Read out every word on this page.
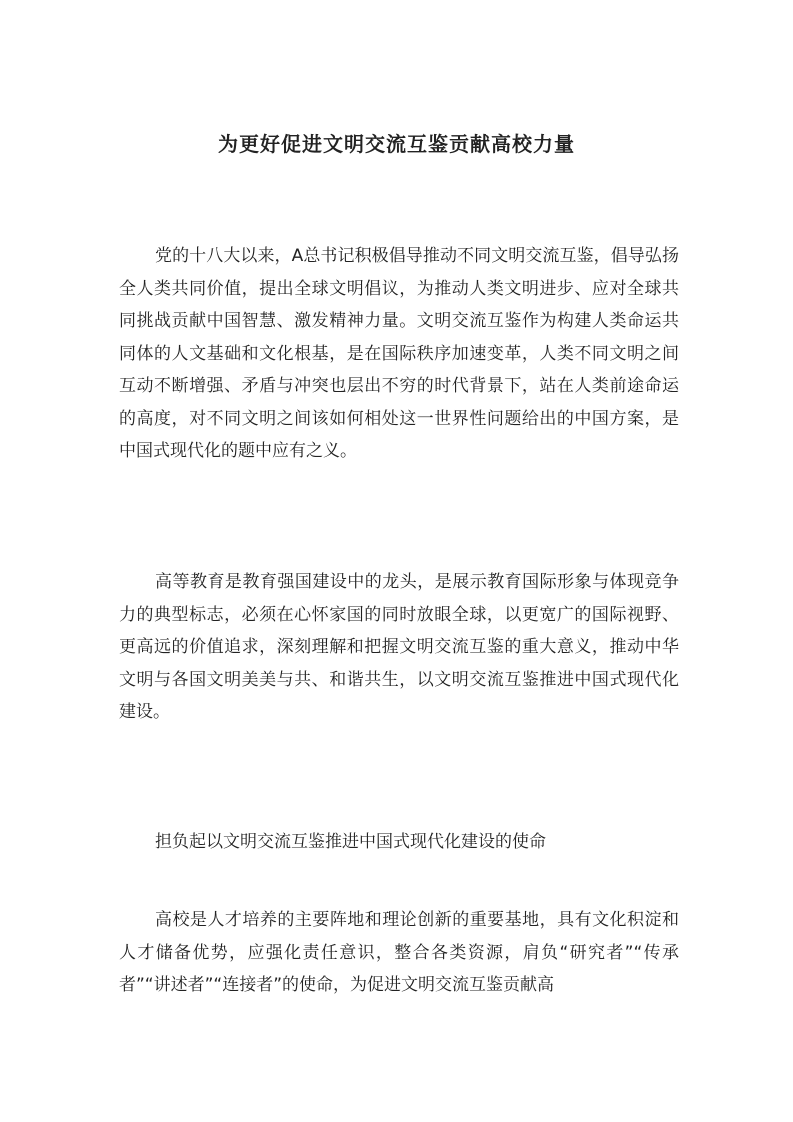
为更好促进文明交流互鉴贡献高校力量

党的十八大以来，A总书记积极倡导推动不同文明交流互鉴，倡导弘扬全人类共同价值，提出全球文明倡议，为推动人类文明进步、应对全球共同挑战贡献中国智慧、激发精神力量。文明交流互鉴作为构建人类命运共同体的人文基础和文化根基，是在国际秩序加速变革，人类不同文明之间互动不断增强、矛盾与冲突也层出不穷的时代背景下，站在人类前途命运的高度，对不同文明之间该如何相处这一世界性问题给出的中国方案，是中国式现代化的题中应有之义。

高等教育是教育强国建设中的龙头，是展示教育国际形象与体现竞争力的典型标志，必须在心怀家国的同时放眼全球，以更宽广的国际视野、更高远的价值追求，深刻理解和把握文明交流互鉴的重大意义，推动中华文明与各国文明美美与共、和谐共生，以文明交流互鉴推进中国式现代化建设。

担负起以文明交流互鉴推进中国式现代化建设的使命

高校是人才培养的主要阵地和理论创新的重要基地，具有文化积淀和人才储备优势，应强化责任意识，整合各类资源，肩负“研究者”“传承者”“讲述者”“连接者”的使命，为促进文明交流互鉴贡献高
